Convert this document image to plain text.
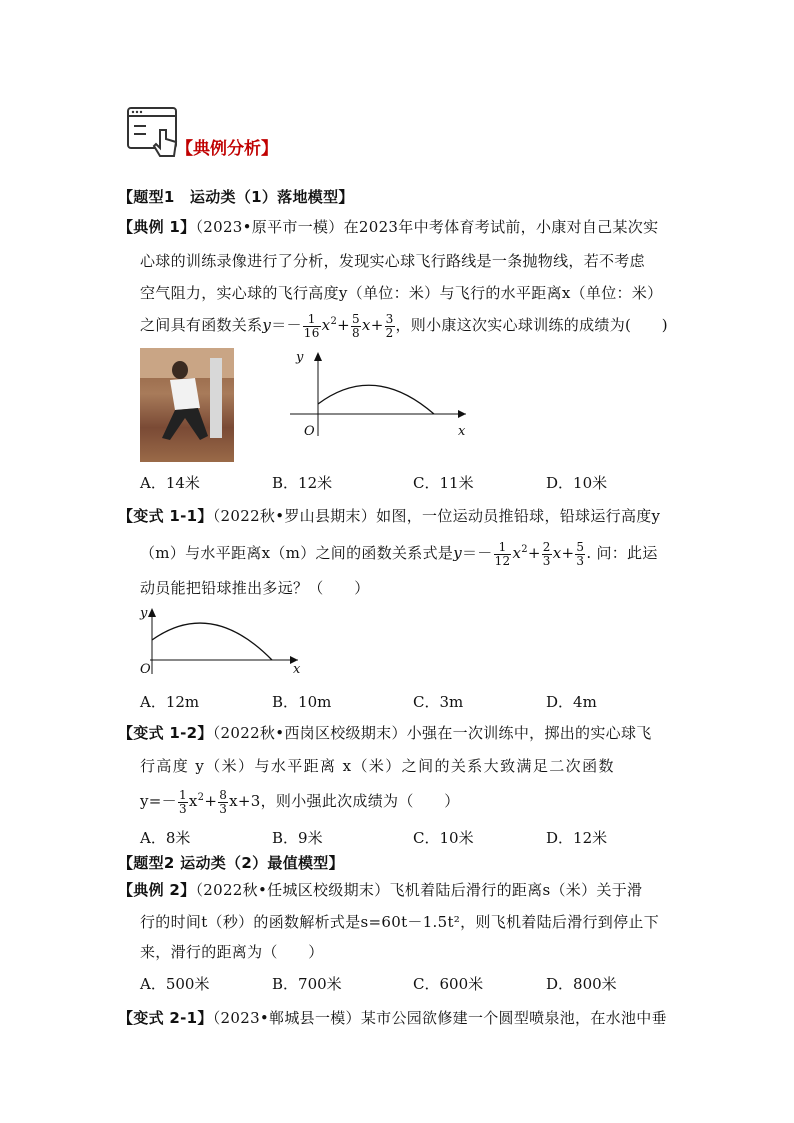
【典例分析】
【题型1　运动类（1）落地模型】
【典例 1】（2023•原平市一模）在2023年中考体育考试前，小康对自己某次实
心球的训练录像进行了分析，发现实心球飞行路线是一条抛物线，若不考虑
空气阻力，实心球的飞行高度y（单位：米）与飞行的水平距离x（单位：米）
之间具有函数关系$y=- \frac{1}{16} x^2+ \frac{5}{8} x+ \frac{3}{2}$ ，则小康这次实心球训练的成绩为(　　)
y
O	x
A．14米	B．12米	C．11米	D．10米
【变式 1-1】（2022秋•罗山县期末）如图，一位运动员推铅球，铅球运行高度y
（m）与水平距离x（m）之间的函数关系式是$y=- \frac{1}{12} x^2+ \frac{2}{3} x+ \frac{5}{3}$ . 问：此运
动员能把铅球推出多远？（　　）
y
O	x
A．12m	B．10m	C．3m	D．4m
【变式 1-2】（2022秋•西岗区校级期末）小强在一次训练中，掷出的实心球飞
行高度 y（米）与水平距离 x（米）之间的关系大致满足二次函数
$y=- \frac{1}{3} x^2+ \frac{8}{3} x+3$，则小强此次成绩为（　　）
A．8米	B．9米	C．10米	D．12米
【题型2 运动类（2）最值模型】
【典例 2】（2022秋•任城区校级期末）飞机着陆后滑行的距离s（米）关于滑
行的时间t（秒）的函数解析式是s=60t－1.5t²，则飞机着陆后滑行到停止下
来，滑行的距离为（　　）
A．500米	B．700米	C．600米	D．800米
【变式 2-1】（2023•郸城县一模）某市公园欲修建一个圆型喷泉池，在水池中垂
